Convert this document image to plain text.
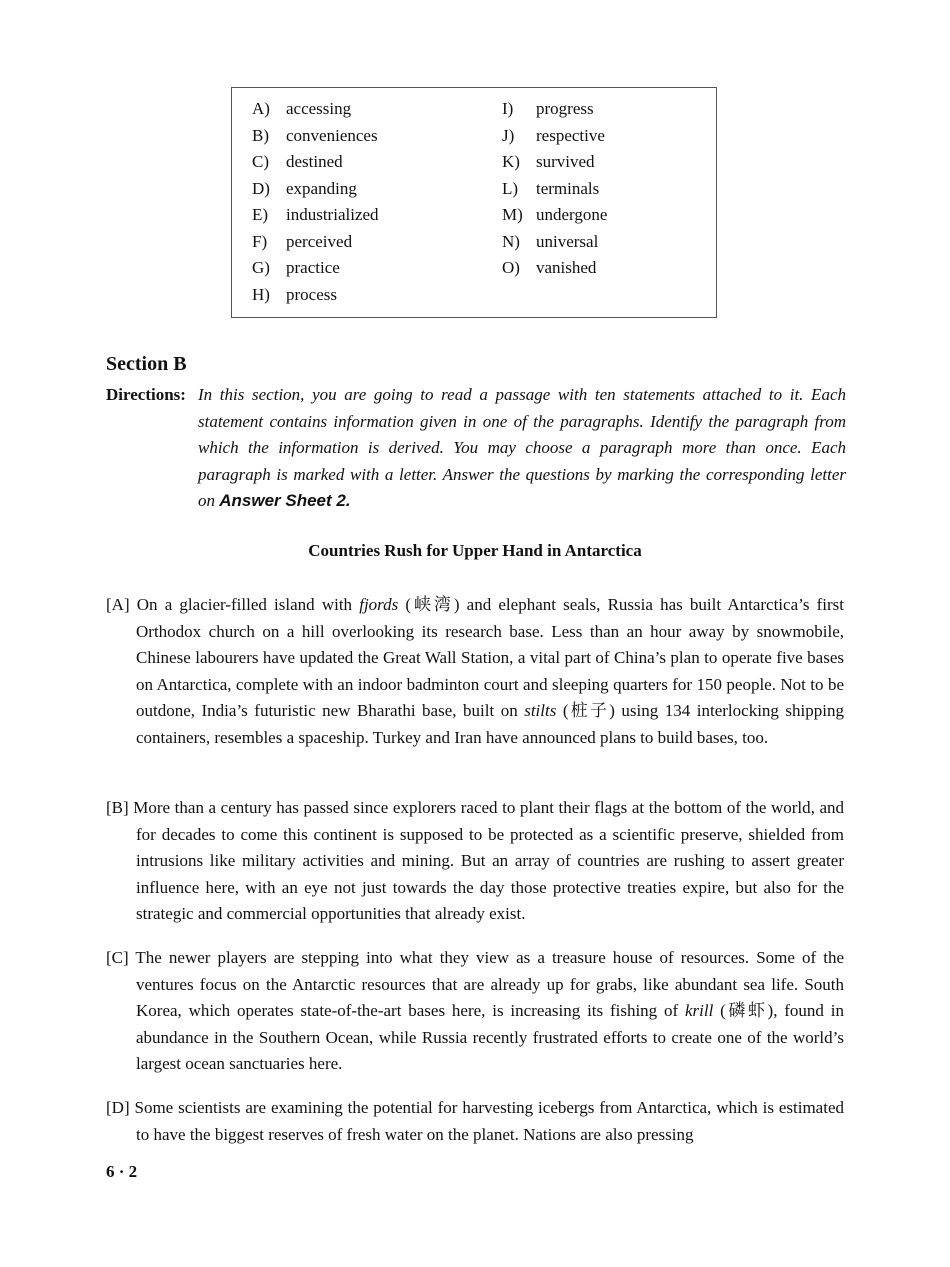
A) accessing
B) conveniences
C) destined
D) expanding
E) industrialized
F) perceived
G) practice
H) process
I) progress
J) respective
K) survived
L) terminals
M) undergone
N) universal
O) vanished
Section B
Directions: In this section, you are going to read a passage with ten statements attached to it. Each statement contains information given in one of the paragraphs. Identify the paragraph from which the information is derived. You may choose a paragraph more than once. Each paragraph is marked with a letter. Answer the questions by marking the corresponding letter on Answer Sheet 2.
Countries Rush for Upper Hand in Antarctica

[A] On a glacier-filled island with fjords (峡湾) and elephant seals, Russia has built Antarctica’s first Orthodox church on a hill overlooking its research base. Less than an hour away by snowmobile, Chinese labourers have updated the Great Wall Station, a vital part of China’s plan to operate five bases on Antarctica, complete with an indoor badminton court and sleeping quarters for 150 people. Not to be outdone, India’s futuristic new Bharathi base, built on stilts (桩子) using 134 interlocking shipping containers, resembles a spaceship. Turkey and Iran have announced plans to build bases, too.

[B] More than a century has passed since explorers raced to plant their flags at the bottom of the world, and for decades to come this continent is supposed to be protected as a scientific preserve, shielded from intrusions like military activities and mining. But an array of countries are rushing to assert greater influence here, with an eye not just towards the day those protective treaties expire, but also for the strategic and commercial opportunities that already exist.

[C] The newer players are stepping into what they view as a treasure house of resources. Some of the ventures focus on the Antarctic resources that are already up for grabs, like abundant sea life. South Korea, which operates state-of-the-art bases here, is increasing its fishing of krill (磷虾), found in abundance in the Southern Ocean, while Russia recently frustrated efforts to create one of the world’s largest ocean sanctuaries here.

[D] Some scientists are examining the potential for harvesting icebergs from Antarctica, which is estimated to have the biggest reserves of fresh water on the planet. Nations are also pressing

6 · 2
